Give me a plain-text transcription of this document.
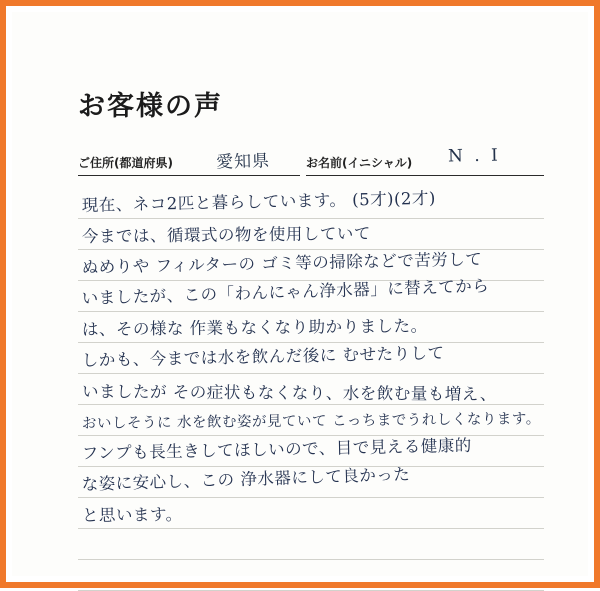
お客様の声
ご住所(都道府県)	愛知県	お名前(イニシャル) N . I
現在、ネコ2匹と暮らしています。 (5才)(2才)
今までは、循環式の物を使用していて
ぬめりや フィルターの ゴミ等の掃除などで苦労して
いましたが、この「わんにゃん浄水器」に替えてから
は、その様な 作業もなくなり助かりました。
しかも、今までは水を飲んだ後に むせたりして
いましたが その症状もなくなり、水を飲む量も増え、
おいしそうに 水を飲む姿が見ていて こっちまでうれしくなります。
フンプも長生きしてほしいので、目で見える健康的
な姿に安心し、この 浄水器にして良かった
と思います。
